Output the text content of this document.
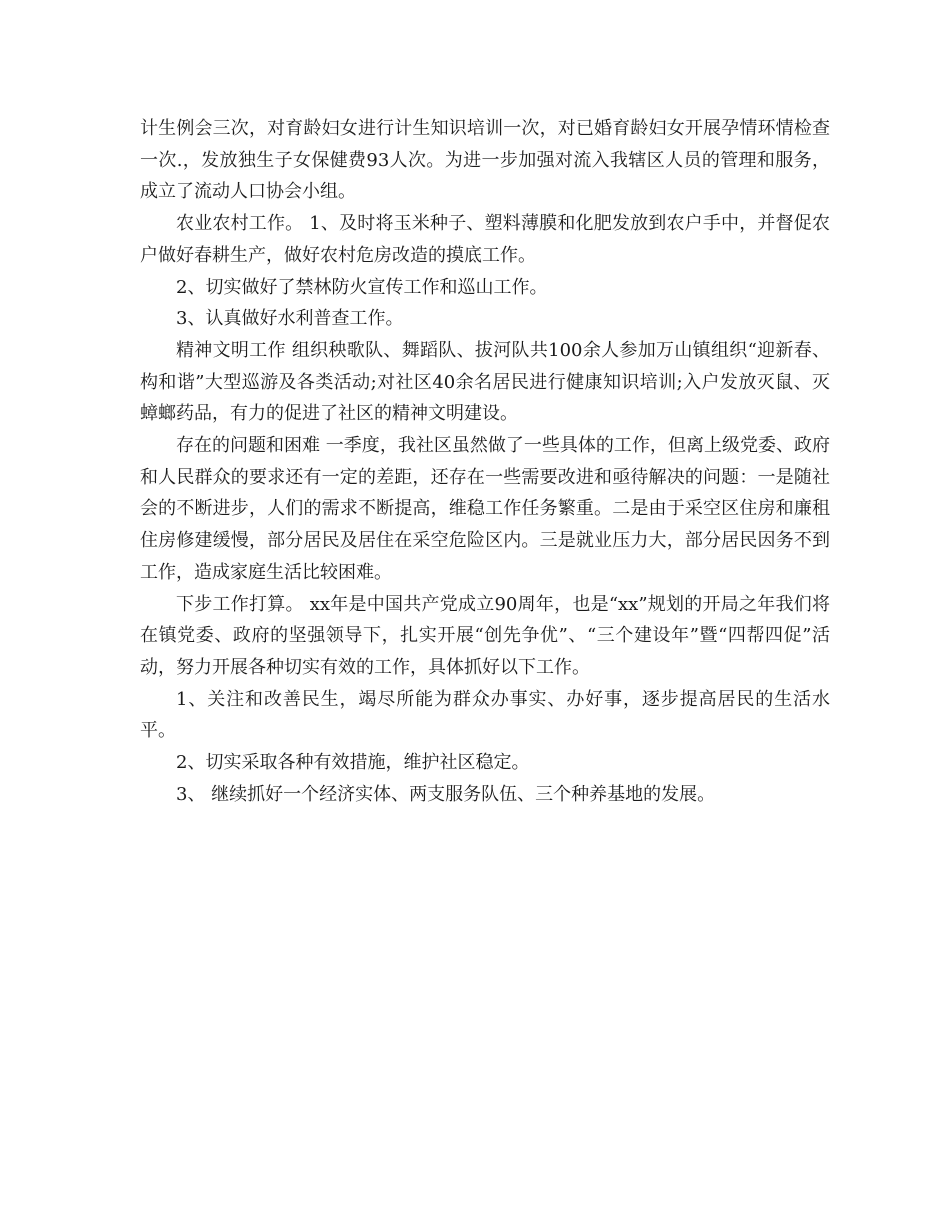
计生例会三次，对育龄妇女进行计生知识培训一次，对已婚育龄妇女开展孕情环情检查一次.，发放独生子女保健费93人次。为进一步加强对流入我辖区人员的管理和服务，成立了流动人口协会小组。

农业农村工作。 1、及时将玉米种子、塑料薄膜和化肥发放到农户手中，并督促农户做好春耕生产，做好农村危房改造的摸底工作。

2、切实做好了禁林防火宣传工作和巡山工作。

3、认真做好水利普查工作。

精神文明工作 组织秧歌队、舞蹈队、拔河队共100余人参加万山镇组织“迎新春、构和谐”大型巡游及各类活动;对社区40余名居民进行健康知识培训;入户发放灭鼠、灭蟑螂药品，有力的促进了社区的精神文明建设。

存在的问题和困难 一季度，我社区虽然做了一些具体的工作，但离上级党委、政府和人民群众的要求还有一定的差距，还存在一些需要改进和亟待解决的问题：一是随社会的不断进步，人们的需求不断提高，维稳工作任务繁重。二是由于采空区住房和廉租住房修建缓慢，部分居民及居住在采空危险区内。三是就业压力大，部分居民因务不到工作，造成家庭生活比较困难。

下步工作打算。 xx年是中国共产党成立90周年，也是“xx”规划的开局之年我们将在镇党委、政府的坚强领导下，扎实开展“创先争优”、“三个建设年”暨“四帮四促”活动，努力开展各种切实有效的工作，具体抓好以下工作。

1、关注和改善民生，竭尽所能为群众办事实、办好事，逐步提高居民的生活水平。

2、切实采取各种有效措施，维护社区稳定。

3、 继续抓好一个经济实体、两支服务队伍、三个种养基地的发展。
